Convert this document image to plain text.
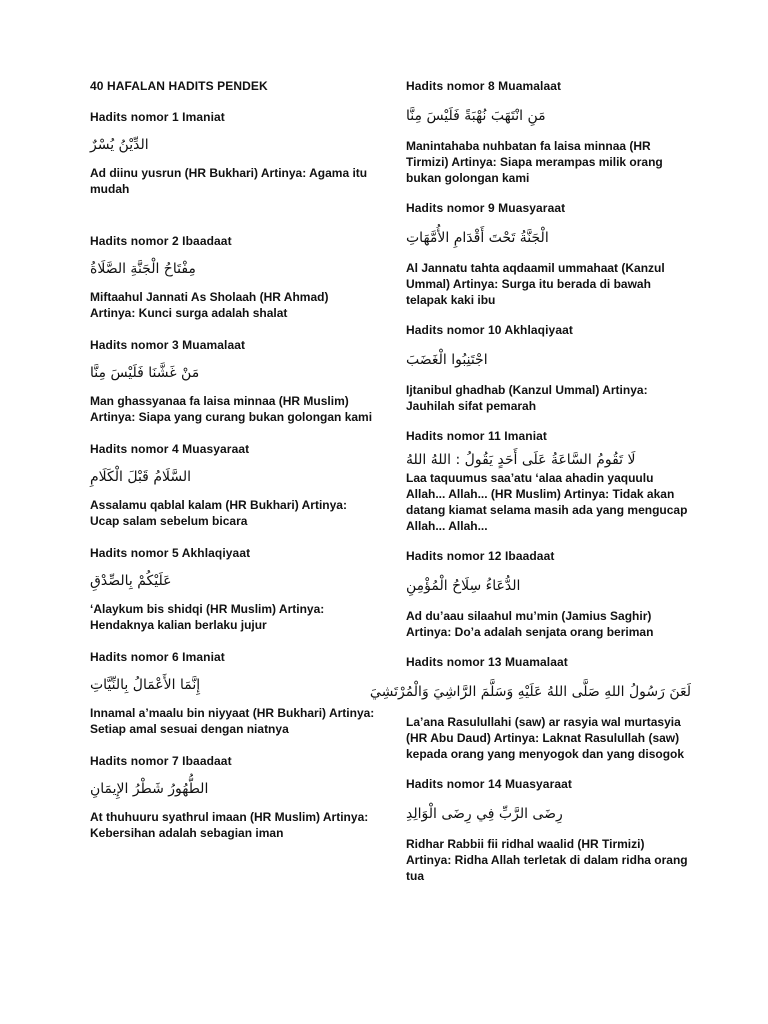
40 HAFALAN HADITS PENDEK

Hadits nomor 1 Imaniat

الدِّيْنُ يُسْرٌ

Ad diinu yusrun (HR Bukhari) Artinya: Agama itu mudah

Hadits nomor 2 Ibaadaat

مِفْتَاحُ الْجَنَّةِ الصَّلَاةُ

Miftaahul Jannati As Sholaah (HR Ahmad) Artinya: Kunci surga adalah shalat

Hadits nomor 3 Muamalaat

مَنْ غَشَّنَا فَلَيْسَ مِنَّا

Man ghassyanaa fa laisa minnaa (HR Muslim) Artinya: Siapa yang curang bukan golongan kami

Hadits nomor 4 Muasyaraat

السَّلَامُ قَبْلَ الْكَلَامِ

Assalamu qablal kalam (HR Bukhari) Artinya: Ucap salam sebelum bicara

Hadits nomor 5 Akhlaqiyaat

عَلَيْكُمْ بِالصِّدْقِ

‘Alaykum bis shidqi (HR Muslim) Artinya: Hendaknya kalian berlaku jujur

Hadits nomor 6 Imaniat

إِنَّمَا الأَعْمَالُ بِالنِّيَّاتِ

Innamal a’maalu bin niyyaat (HR Bukhari) Artinya: Setiap amal sesuai dengan niatnya

Hadits nomor 7 Ibaadaat

الطُّهُورُ شَطْرُ الإِيمَانِ

At thuhuuru syathrul imaan (HR Muslim) Artinya: Kebersihan adalah sebagian iman

Hadits nomor 8 Muamalaat

مَنِ انْتَهَبَ نُهْبَةً فَلَيْسَ مِنَّا

Manintahaba nuhbatan fa laisa minnaa (HR Tirmizi) Artinya: Siapa merampas milik orang bukan golongan kami

Hadits nomor 9 Muasyaraat

الْجَنَّةُ تَحْتَ أَقْدَامِ الأُمَّهَاتِ

Al Jannatu tahta aqdaamil ummahaat (Kanzul Ummal) Artinya: Surga itu berada di bawah telapak kaki ibu

Hadits nomor 10 Akhlaqiyaat

اجْتَنِبُوا الْغَضَبَ

Ijtanibul ghadhab (Kanzul Ummal) Artinya: Jauhilah sifat pemarah

Hadits nomor 11 Imaniat

لَا تَقُومُ السَّاعَةُ عَلَى أَحَدٍ يَقُولُ : اللهُ اللهُ

Laa taquumus saa’atu ‘alaa ahadin yaquulu Allah... Allah... (HR Muslim) Artinya: Tidak akan datang kiamat selama masih ada yang mengucap Allah... Allah...

Hadits nomor 12 Ibaadaat

الدُّعَاءُ سِلَاحُ الْمُؤْمِنِ

Ad du’aau silaahul mu’min (Jamius Saghir) Artinya: Do’a adalah senjata orang beriman

Hadits nomor 13 Muamalaat

لَعَنَ رَسُولُ اللهِ صَلَّى اللهُ عَلَيْهِ وَسَلَّمَ الرَّاشِيَ وَالْمُرْتَشِيَ

La’ana Rasulullahi (saw) ar rasyia wal murtasyia (HR Abu Daud) Artinya: Laknat Rasulullah (saw) kepada orang yang menyogok dan yang disogok

Hadits nomor 14 Muasyaraat

رِضَى الرَّبِّ فِي رِضَى الْوَالِدِ

Ridhar Rabbii fii ridhal waalid (HR Tirmizi) Artinya: Ridha Allah terletak di dalam ridha orang tua
